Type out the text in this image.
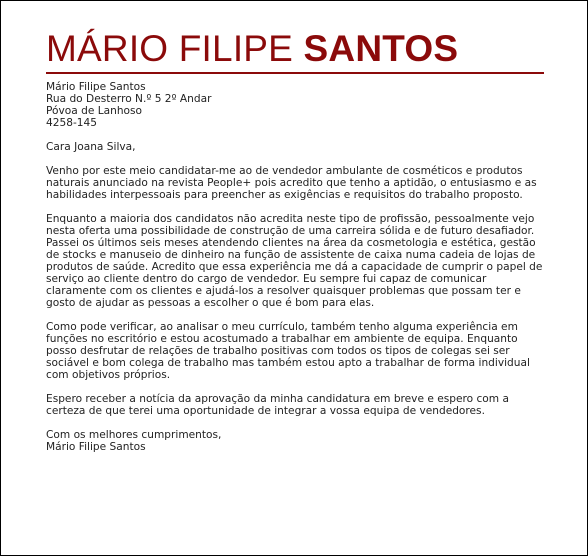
MÁRIO FILIPE SANTOS
Mário Filipe Santos
Rua do Desterro N.º 5 2º Andar
Póvoa de Lanhoso
4258-145

Cara Joana Silva,

Venho por este meio candidatar-me ao de vendedor ambulante de cosméticos e produtos naturais anunciado na revista People+ pois acredito que tenho a aptidão, o entusiasmo e as habilidades interpessoais para preencher as exigências e requisitos do trabalho proposto.

Enquanto a maioria dos candidatos não acredita neste tipo de profissão, pessoalmente vejo nesta oferta uma possibilidade de construção de uma carreira sólida e de futuro desafiador. Passei os últimos seis meses atendendo clientes na área da cosmetologia e estética, gestão de stocks e manuseio de dinheiro na função de assistente de caixa numa cadeia de lojas de produtos de saúde. Acredito que essa experiência me dá a capacidade de cumprir o papel de serviço ao cliente dentro do cargo de vendedor. Eu sempre fui capaz de comunicar claramente com os clientes e ajudá-los a resolver quaisquer problemas que possam ter e gosto de ajudar as pessoas a escolher o que é bom para elas.

Como pode verificar, ao analisar o meu currículo, também tenho alguma experiência em funções no escritório e estou acostumado a trabalhar em ambiente de equipa. Enquanto posso desfrutar de relações de trabalho positivas com todos os tipos de colegas sei ser sociável e bom colega de trabalho mas também estou apto a trabalhar de forma individual com objetivos próprios.

Espero receber a notícia da aprovação da minha candidatura em breve e espero com a certeza de que terei uma oportunidade de integrar a vossa equipa de vendedores.

Com os melhores cumprimentos,

Mário Filipe Santos
